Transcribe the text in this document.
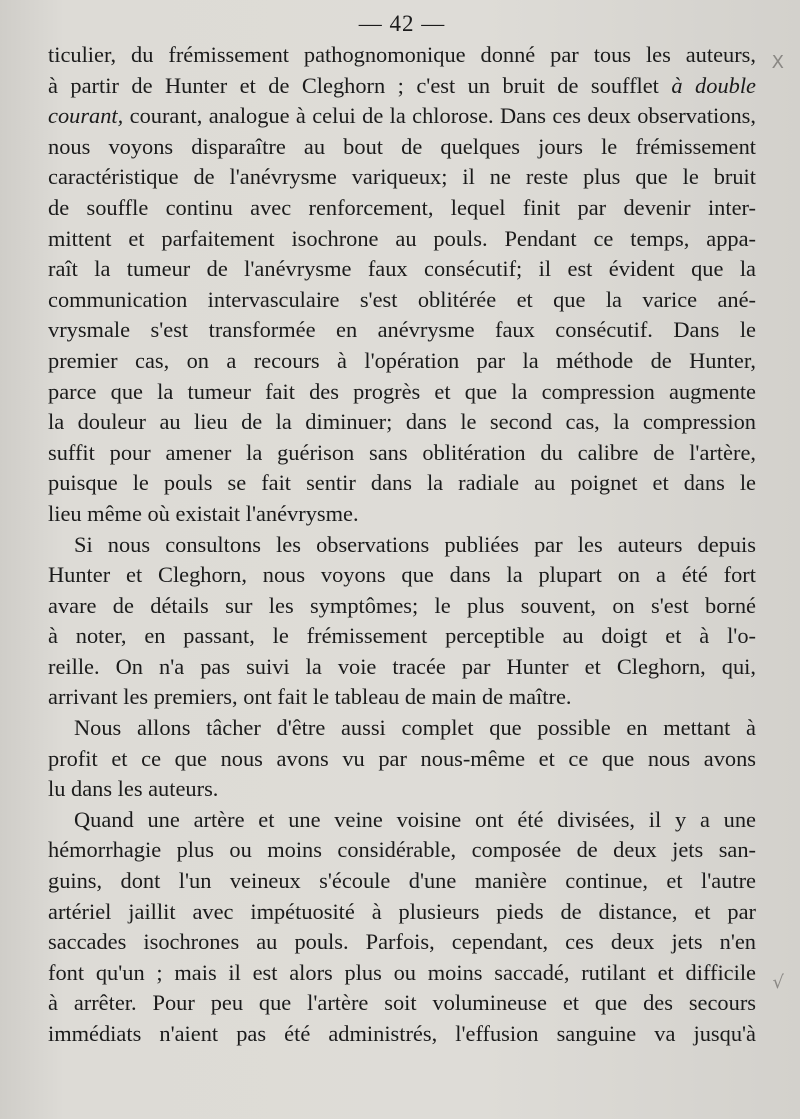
— 42 —
X
√
ticulier, du frémissement pathognomonique donné par tous les auteurs,
à partir de Hunter et de Cleghorn ; c'est un bruit de soufflet à double
courant, courant, analogue à celui de la chlorose. Dans ces deux observations,
nous voyons disparaître au bout de quelques jours le frémissement
caractéristique de l'anévrysme variqueux; il ne reste plus que le bruit
de souffle continu avec renforcement, lequel finit par devenir inter-
mittent et parfaitement isochrone au pouls. Pendant ce temps, appa-
raît la tumeur de l'anévrysme faux consécutif; il est évident que la
communication intervasculaire s'est oblitérée et que la varice ané-
vrysmale s'est transformée en anévrysme faux consécutif. Dans le
premier cas, on a recours à l'opération par la méthode de Hunter,
parce que la tumeur fait des progrès et que la compression augmente
la douleur au lieu de la diminuer; dans le second cas, la compression
suffit pour amener la guérison sans oblitération du calibre de l'artère,
puisque le pouls se fait sentir dans la radiale au poignet et dans le
lieu même où existait l'anévrysme.
Si nous consultons les observations publiées par les auteurs depuis
Hunter et Cleghorn, nous voyons que dans la plupart on a été fort
avare de détails sur les symptômes; le plus souvent, on s'est borné
à noter, en passant, le frémissement perceptible au doigt et à l'o-
reille. On n'a pas suivi la voie tracée par Hunter et Cleghorn, qui,
arrivant les premiers, ont fait le tableau de main de maître.
Nous allons tâcher d'être aussi complet que possible en mettant à
profit et ce que nous avons vu par nous-même et ce que nous avons
lu dans les auteurs.
Quand une artère et une veine voisine ont été divisées, il y a une
hémorrhagie plus ou moins considérable, composée de deux jets san-
guins, dont l'un veineux s'écoule d'une manière continue, et l'autre
artériel jaillit avec impétuosité à plusieurs pieds de distance, et par
saccades isochrones au pouls. Parfois, cependant, ces deux jets n'en
font qu'un ; mais il est alors plus ou moins saccadé, rutilant et difficile
à arrêter. Pour peu que l'artère soit volumineuse et que des secours
immédiats n'aient pas été administrés, l'effusion sanguine va jusqu'à
